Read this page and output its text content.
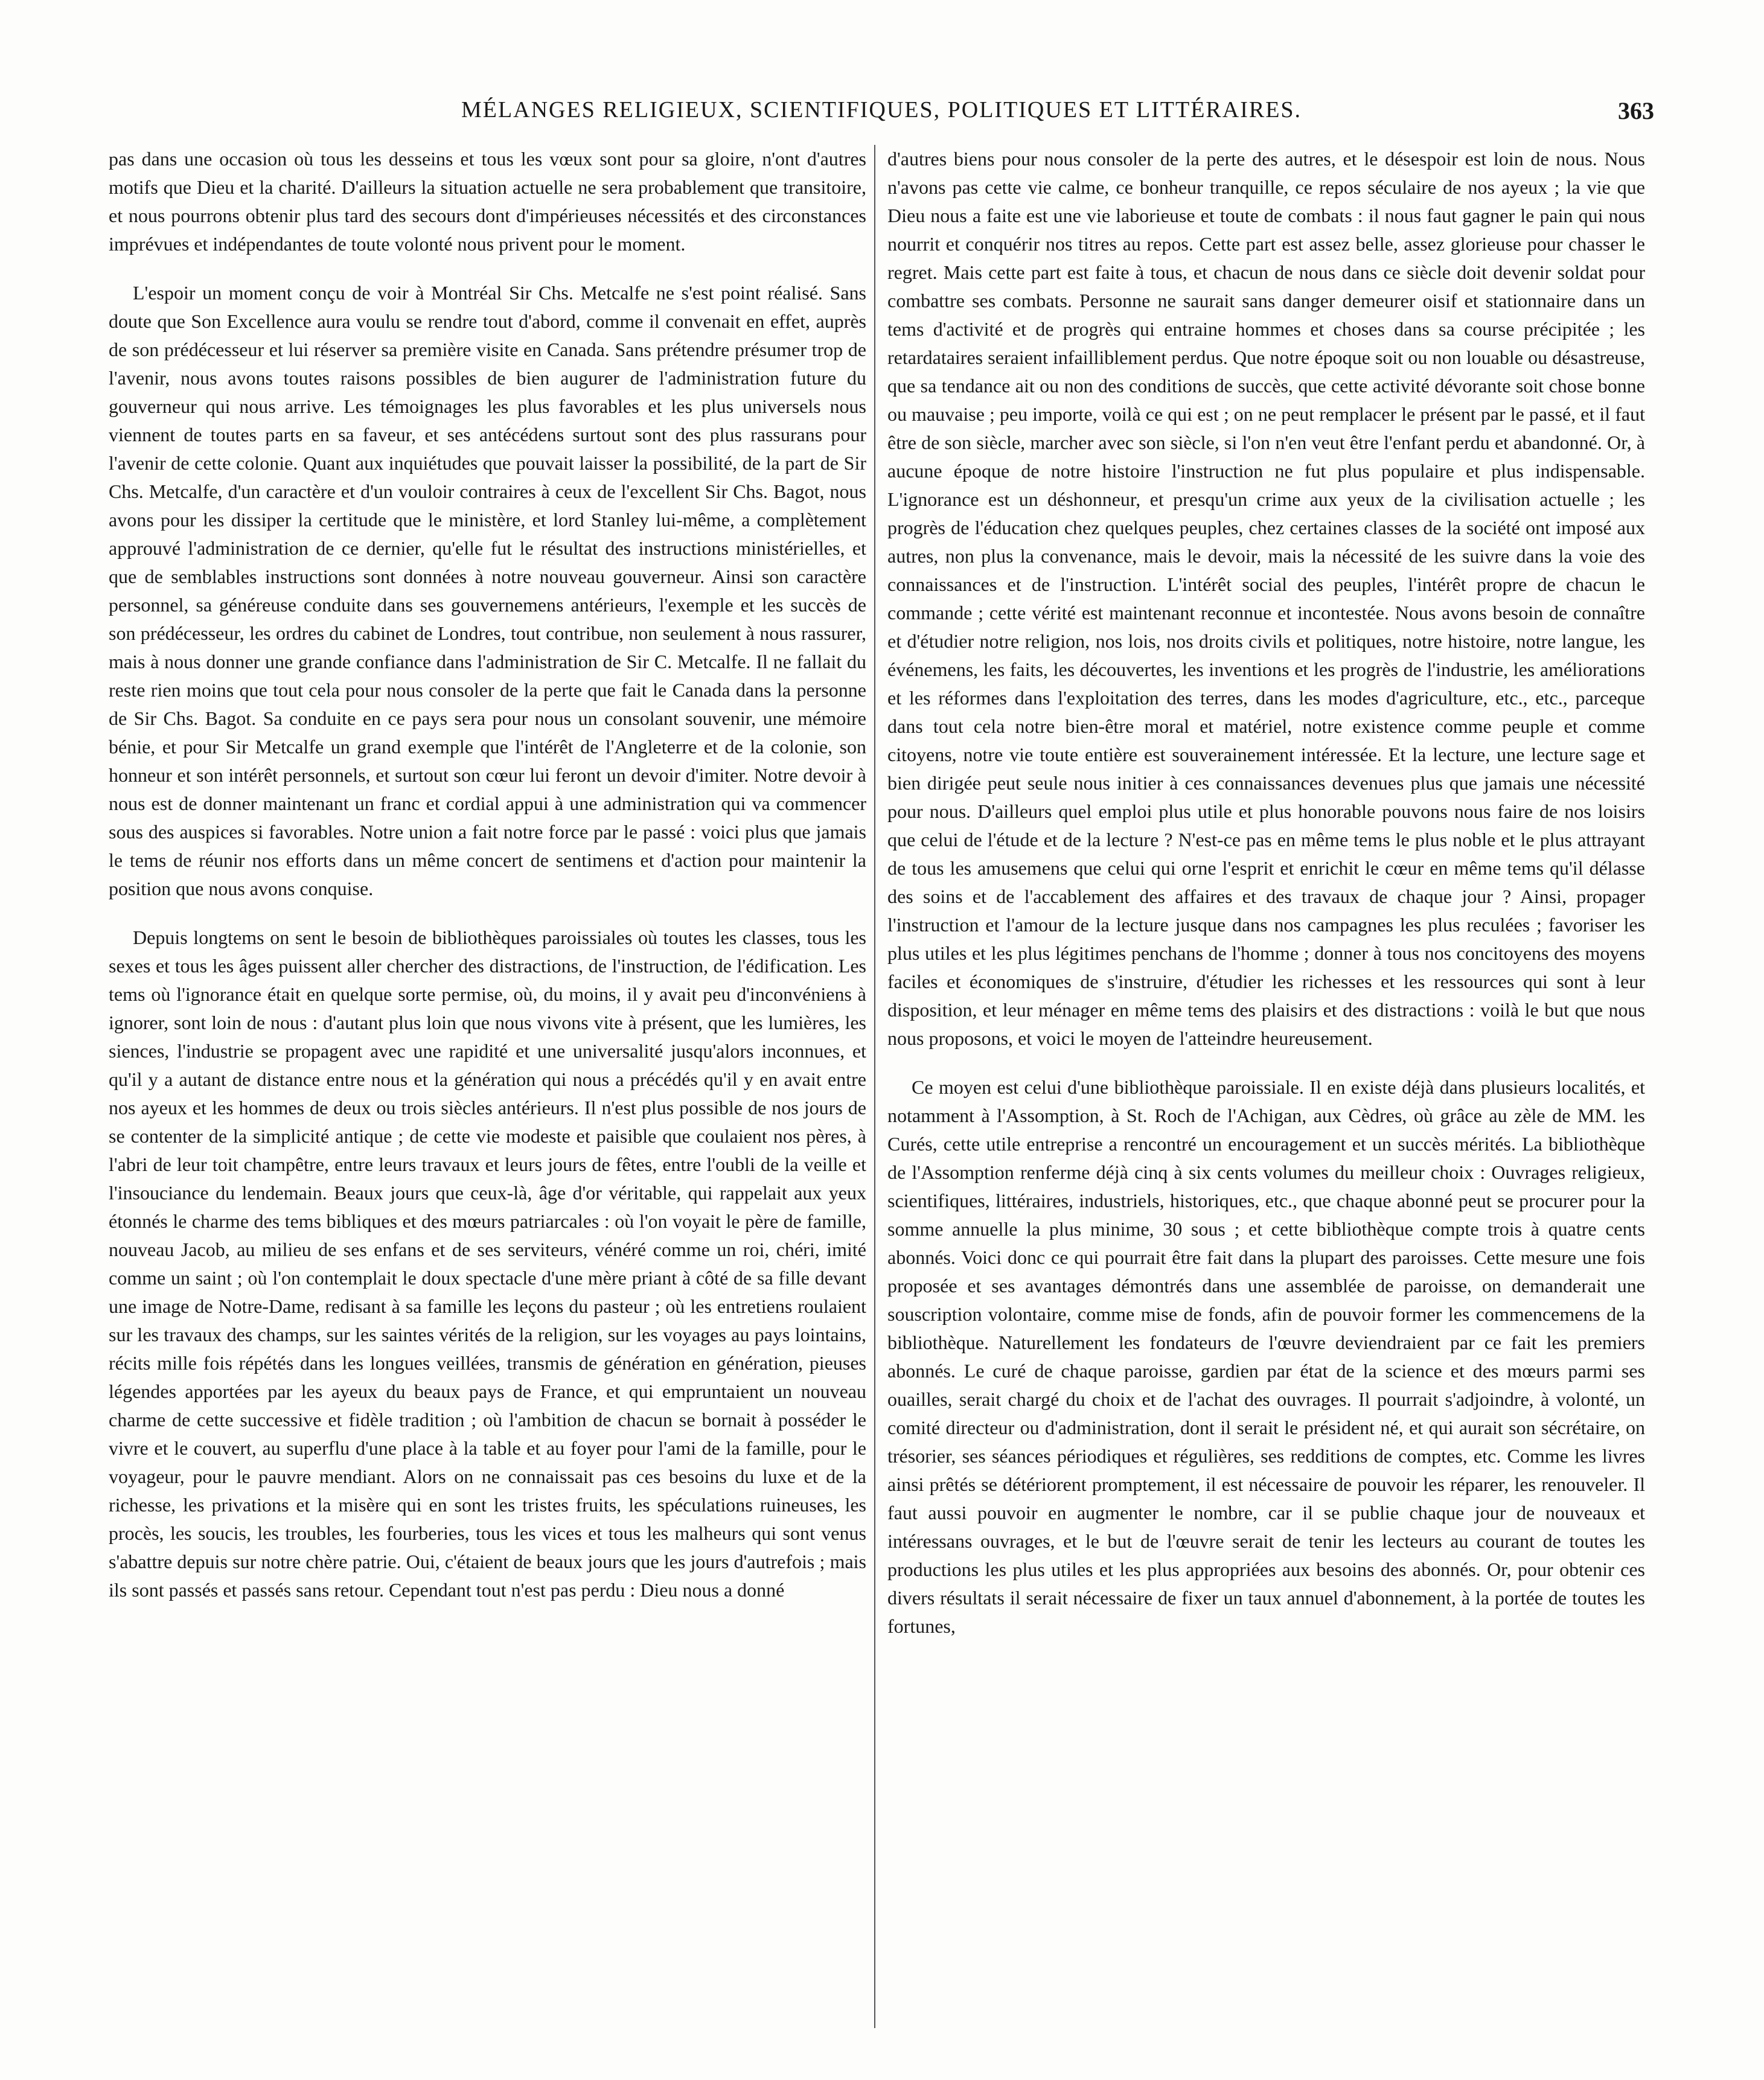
MÉLANGES RELIGIEUX, SCIENTIFIQUES, POLITIQUES ET LITTÉRAIRES.	363

pas dans une occasion où tous les desseins et tous les vœux sont pour sa gloire, n'ont d'autres motifs que Dieu et la charité. D'ailleurs la situation actuelle ne sera probablement que transitoire, et nous pourrons obtenir plus tard des secours dont d'impérieuses nécessités et des circonstances imprévues et indépendantes de toute volonté nous privent pour le moment.

L'espoir un moment conçu de voir à Montréal Sir Chs. Metcalfe ne s'est point réalisé. Sans doute que Son Excellence aura voulu se rendre tout d'abord, comme il convenait en effet, auprès de son prédécesseur et lui réserver sa première visite en Canada. Sans prétendre présumer trop de l'avenir, nous avons toutes raisons possibles de bien augurer de l'administration future du gouverneur qui nous arrive. Les témoignages les plus favorables et les plus universels nous viennent de toutes parts en sa faveur, et ses antécédens surtout sont des plus rassurans pour l'avenir de cette colonie. Quant aux inquiétudes que pouvait laisser la possibilité, de la part de Sir Chs. Metcalfe, d'un caractère et d'un vouloir contraires à ceux de l'excellent Sir Chs. Bagot, nous avons pour les dissiper la certitude que le ministère, et lord Stanley lui-même, a complètement approuvé l'administration de ce dernier, qu'elle fut le résultat des instructions ministérielles, et que de semblables instructions sont données à notre nouveau gouverneur. Ainsi son caractère personnel, sa généreuse conduite dans ses gouvernemens antérieurs, l'exemple et les succès de son prédécesseur, les ordres du cabinet de Londres, tout contribue, non seulement à nous rassurer, mais à nous donner une grande confiance dans l'administration de Sir C. Metcalfe. Il ne fallait du reste rien moins que tout cela pour nous consoler de la perte que fait le Canada dans la personne de Sir Chs. Bagot. Sa conduite en ce pays sera pour nous un consolant souvenir, une mémoire bénie, et pour Sir Metcalfe un grand exemple que l'intérêt de l'Angleterre et de la colonie, son honneur et son intérêt personnels, et surtout son cœur lui feront un devoir d'imiter. Notre devoir à nous est de donner maintenant un franc et cordial appui à une administration qui va commencer sous des auspices si favorables. Notre union a fait notre force par le passé : voici plus que jamais le tems de réunir nos efforts dans un même concert de sentimens et d'action pour maintenir la position que nous avons conquise.

Depuis longtems on sent le besoin de bibliothèques paroissiales où toutes les classes, tous les sexes et tous les âges puissent aller chercher des distractions, de l'instruction, de l'édification. Les tems où l'ignorance était en quelque sorte permise, où, du moins, il y avait peu d'inconvéniens à ignorer, sont loin de nous : d'autant plus loin que nous vivons vite à présent, que les lumières, les siences, l'industrie se propagent avec une rapidité et une universalité jusqu'alors inconnues, et qu'il y a autant de distance entre nous et la génération qui nous a précédés qu'il y en avait entre nos ayeux et les hommes de deux ou trois siècles antérieurs. Il n'est plus possible de nos jours de se contenter de la simplicité antique ; de cette vie modeste et paisible que coulaient nos pères, à l'abri de leur toit champêtre, entre leurs travaux et leurs jours de fêtes, entre l'oubli de la veille et l'insouciance du lendemain. Beaux jours que ceux-là, âge d'or véritable, qui rappelait aux yeux étonnés le charme des tems bibliques et des mœurs patriarcales : où l'on voyait le père de famille, nouveau Jacob, au milieu de ses enfans et de ses serviteurs, vénéré comme un roi, chéri, imité comme un saint ; où l'on contemplait le doux spectacle d'une mère priant à côté de sa fille devant une image de Notre-Dame, redisant à sa famille les leçons du pasteur ; où les entretiens roulaient sur les travaux des champs, sur les saintes vérités de la religion, sur les voyages au pays lointains, récits mille fois répétés dans les longues veillées, transmis de génération en génération, pieuses légendes apportées par les ayeux du beaux pays de France, et qui empruntaient un nouveau charme de cette successive et fidèle tradition ; où l'ambition de chacun se bornait à posséder le vivre et le couvert, au superflu d'une place à la table et au foyer pour l'ami de la famille, pour le voyageur, pour le pauvre mendiant. Alors on ne connaissait pas ces besoins du luxe et de la richesse, les privations et la misère qui en sont les tristes fruits, les spéculations ruineuses, les procès, les soucis, les troubles, les fourberies, tous les vices et tous les malheurs qui sont venus s'abattre depuis sur notre chère patrie. Oui, c'étaient de beaux jours que les jours d'autrefois ; mais ils sont passés et passés sans retour. Cependant tout n'est pas perdu : Dieu nous a donné

d'autres biens pour nous consoler de la perte des autres, et le désespoir est loin de nous. Nous n'avons pas cette vie calme, ce bonheur tranquille, ce repos séculaire de nos ayeux ; la vie que Dieu nous a faite est une vie laborieuse et toute de combats : il nous faut gagner le pain qui nous nourrit et conquérir nos titres au repos. Cette part est assez belle, assez glorieuse pour chasser le regret. Mais cette part est faite à tous, et chacun de nous dans ce siècle doit devenir soldat pour combattre ses combats. Personne ne saurait sans danger demeurer oisif et stationnaire dans un tems d'activité et de progrès qui entraine hommes et choses dans sa course précipitée ; les retardataires seraient infailliblement perdus. Que notre époque soit ou non louable ou désastreuse, que sa tendance ait ou non des conditions de succès, que cette activité dévorante soit chose bonne ou mauvaise ; peu importe, voilà ce qui est ; on ne peut remplacer le présent par le passé, et il faut être de son siècle, marcher avec son siècle, si l'on n'en veut être l'enfant perdu et abandonné. Or, à aucune époque de notre histoire l'instruction ne fut plus populaire et plus indispensable. L'ignorance est un déshonneur, et presqu'un crime aux yeux de la civilisation actuelle ; les progrès de l'éducation chez quelques peuples, chez certaines classes de la société ont imposé aux autres, non plus la convenance, mais le devoir, mais la nécessité de les suivre dans la voie des connaissances et de l'instruction. L'intérêt social des peuples, l'intérêt propre de chacun le commande ; cette vérité est maintenant reconnue et incontestée. Nous avons besoin de connaître et d'étudier notre religion, nos lois, nos droits civils et politiques, notre histoire, notre langue, les événemens, les faits, les découvertes, les inventions et les progrès de l'industrie, les améliorations et les réformes dans l'exploitation des terres, dans les modes d'agriculture, etc., etc., parceque dans tout cela notre bien-être moral et matériel, notre existence comme peuple et comme citoyens, notre vie toute entière est souverainement intéressée. Et la lecture, une lecture sage et bien dirigée peut seule nous initier à ces connaissances devenues plus que jamais une nécessité pour nous. D'ailleurs quel emploi plus utile et plus honorable pouvons nous faire de nos loisirs que celui de l'étude et de la lecture ? N'est-ce pas en même tems le plus noble et le plus attrayant de tous les amusemens que celui qui orne l'esprit et enrichit le cœur en même tems qu'il délasse des soins et de l'accablement des affaires et des travaux de chaque jour ? Ainsi, propager l'instruction et l'amour de la lecture jusque dans nos campagnes les plus reculées ; favoriser les plus utiles et les plus légitimes penchans de l'homme ; donner à tous nos concitoyens des moyens faciles et économiques de s'instruire, d'étudier les richesses et les ressources qui sont à leur disposition, et leur ménager en même tems des plaisirs et des distractions : voilà le but que nous nous proposons, et voici le moyen de l'atteindre heureusement.

Ce moyen est celui d'une bibliothèque paroissiale. Il en existe déjà dans plusieurs localités, et notamment à l'Assomption, à St. Roch de l'Achigan, aux Cèdres, où grâce au zèle de MM. les Curés, cette utile entreprise a rencontré un encouragement et un succès mérités. La bibliothèque de l'Assomption renferme déjà cinq à six cents volumes du meilleur choix : Ouvrages religieux, scientifiques, littéraires, industriels, historiques, etc., que chaque abonné peut se procurer pour la somme annuelle la plus minime, 30 sous ; et cette bibliothèque compte trois à quatre cents abonnés. Voici donc ce qui pourrait être fait dans la plupart des paroisses. Cette mesure une fois proposée et ses avantages démontrés dans une assemblée de paroisse, on demanderait une souscription volontaire, comme mise de fonds, afin de pouvoir former les commencemens de la bibliothèque. Naturellement les fondateurs de l'œuvre deviendraient par ce fait les premiers abonnés. Le curé de chaque paroisse, gardien par état de la science et des mœurs parmi ses ouailles, serait chargé du choix et de l'achat des ouvrages. Il pourrait s'adjoindre, à volonté, un comité directeur ou d'administration, dont il serait le président né, et qui aurait son sécrétaire, on trésorier, ses séances périodiques et régulières, ses redditions de comptes, etc. Comme les livres ainsi prêtés se détériorent promptement, il est nécessaire de pouvoir les réparer, les renouveler. Il faut aussi pouvoir en augmenter le nombre, car il se publie chaque jour de nouveaux et intéressans ouvrages, et le but de l'œuvre serait de tenir les lecteurs au courant de toutes les productions les plus utiles et les plus appropriées aux besoins des abonnés. Or, pour obtenir ces divers résultats il serait nécessaire de fixer un taux annuel d'abonnement, à la portée de toutes les fortunes,
